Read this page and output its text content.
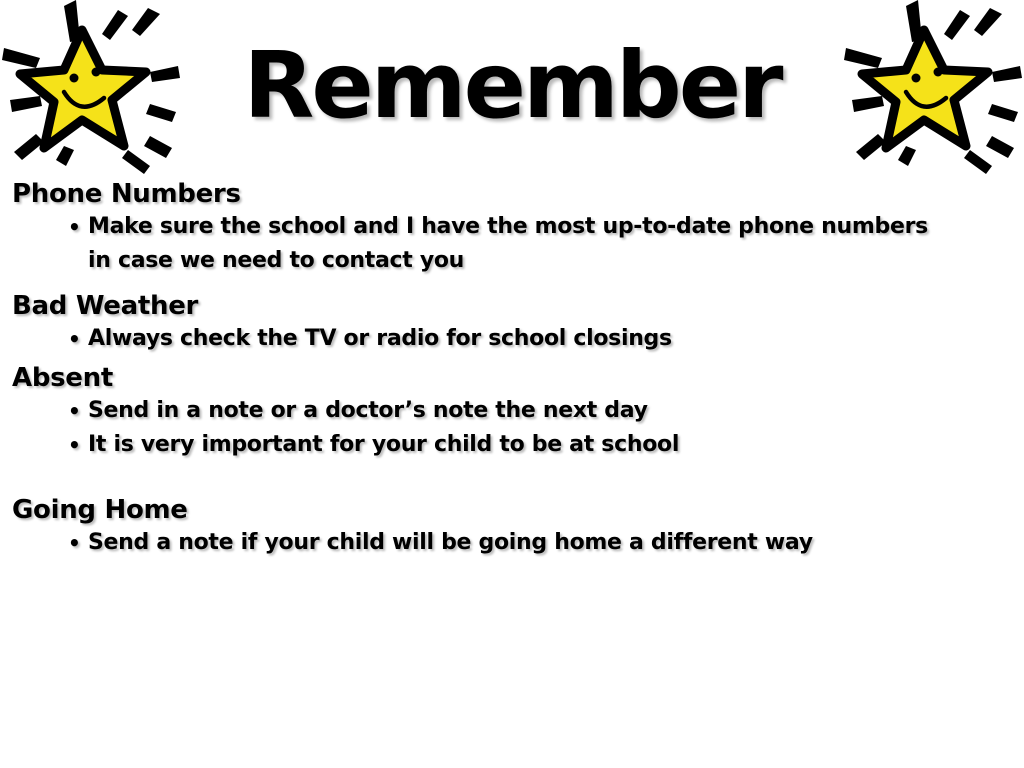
Remember
Phone Numbers
• Make sure the school and I have the most up-to-date phone numbers in case we need to contact you
Bad Weather
• Always check the TV or radio for school closings
Absent
• Send in a note or a doctor’s note the next day
• It is very important for your child to be at school
Going Home
• Send a note if your child will be going home a different way
